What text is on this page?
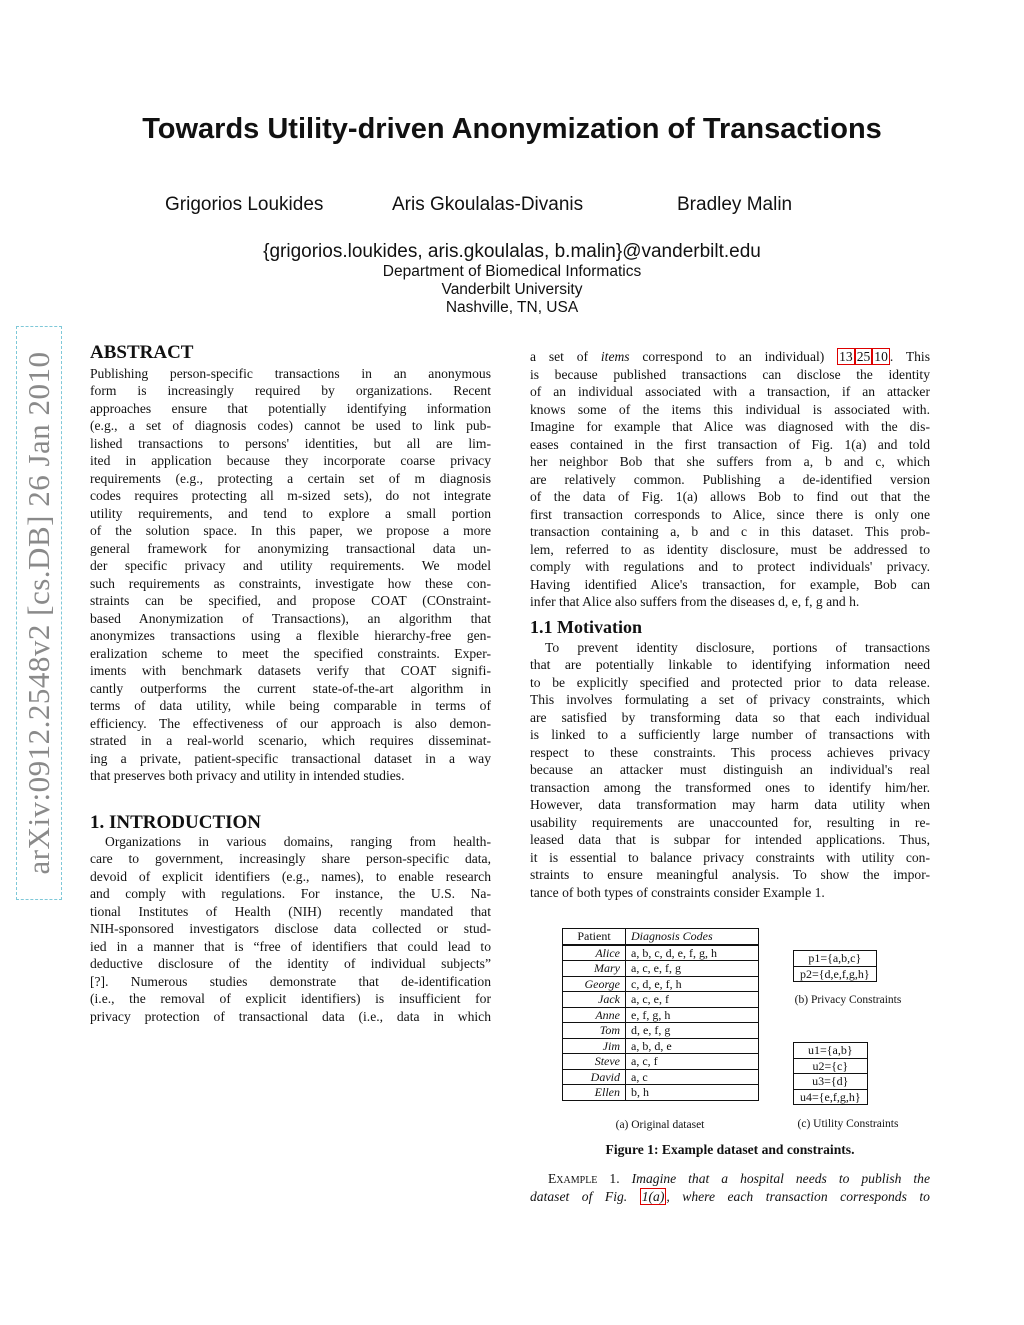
arXiv:0912.2548v2 [cs.DB] 26 Jan 2010
Towards Utility-driven Anonymization of Transactions
Grigorios Loukides	Aris Gkoulalas-Divanis	Bradley Malin
{grigorios.loukides, aris.gkoulalas, b.malin}@vanderbilt.edu
Department of Biomedical Informatics
Vanderbilt University
Nashville, TN, USA
ABSTRACT
Publishing person-specific transactions in an anonymous
form is increasingly required by organizations. Recent
approaches ensure that potentially identifying information
(e.g., a set of diagnosis codes) cannot be used to link pub-
lished transactions to persons' identities, but all are lim-
ited in application because they incorporate coarse privacy
requirements (e.g., protecting a certain set of m diagnosis
codes requires protecting all m-sized sets), do not integrate
utility requirements, and tend to explore a small portion
of the solution space. In this paper, we propose a more
general framework for anonymizing transactional data un-
der specific privacy and utility requirements. We model
such requirements as constraints, investigate how these con-
straints can be specified, and propose COAT (COnstraint-
based Anonymization of Transactions), an algorithm that
anonymizes transactions using a flexible hierarchy-free gen-
eralization scheme to meet the specified constraints. Exper-
iments with benchmark datasets verify that COAT signifi-
cantly outperforms the current state-of-the-art algorithm in
terms of data utility, while being comparable in terms of
efficiency. The effectiveness of our approach is also demon-
strated in a real-world scenario, which requires disseminat-
ing a private, patient-specific transactional dataset in a way
that preserves both privacy and utility in intended studies.
1. INTRODUCTION
Organizations in various domains, ranging from health-
care to government, increasingly share person-specific data,
devoid of explicit identifiers (e.g., names), to enable research
and comply with regulations. For instance, the U.S. Na-
tional Institutes of Health (NIH) recently mandated that
NIH-sponsored investigators disclose data collected or stud-
ied in a manner that is “free of identifiers that could lead to
deductive disclosure of the identity of individual subjects”
[?]. Numerous studies demonstrate that de-identification
(i.e., the removal of explicit identifiers) is insufficient for
privacy protection of transactional data (i.e., data in which
a set of items correspond to an individual) 13 25 10 . This
is because published transactions can disclose the identity
of an individual associated with a transaction, if an attacker
knows some of the items this individual is associated with.
Imagine for example that Alice was diagnosed with the dis-
eases contained in the first transaction of Fig. 1(a) and told
her neighbor Bob that she suffers from a, b and c, which
are relatively common. Publishing a de-identified version
of the data of Fig. 1(a) allows Bob to find out that the
first transaction corresponds to Alice, since there is only one
transaction containing a, b and c in this dataset. This prob-
lem, referred to as identity disclosure, must be addressed to
comply with regulations and to protect individuals' privacy.
Having identified Alice's transaction, for example, Bob can
infer that Alice also suffers from the diseases d, e, f, g and h.
1.1 Motivation
To prevent identity disclosure, portions of transactions
that are potentially linkable to identifying information need
to be explicitly specified and protected prior to data release.
This involves formulating a set of privacy constraints, which
are satisfied by transforming data so that each individual
is linked to a sufficiently large number of transactions with
respect to these constraints. This process achieves privacy
because an attacker must distinguish an individual's real
transaction among the transformed ones to identify him/her.
However, data transformation may harm data utility when
usability requirements are unaccounted for, resulting in re-
leased data that is subpar for intended applications. Thus,
it is essential to balance privacy constraints with utility con-
straints to ensure meaningful analysis. To show the impor-
tance of both types of constraints consider Example 1.
Patient	Diagnosis Codes
Alice	a, b, c, d, e, f, g, h
Mary	a, c, e, f, g
George	c, d, e, f, h
Jack	a, c, e, f
Anne	e, f, g, h
Tom	d, e, f, g
Jim	a, b, d, e
Steve	a, c, f
David	a, c
Ellen	b, h
p1={a,b,c}
p2={d,e,f,g,h}
(b) Privacy Constraints
u1={a,b}
u2={c}
u3={d}
u4={e,f,g,h}
(a) Original dataset	(c) Utility Constraints
Figure 1: Example dataset and constraints.
Example 1. Imagine that a hospital needs to publish the
dataset of Fig. 1(a) , where each transaction corresponds to
